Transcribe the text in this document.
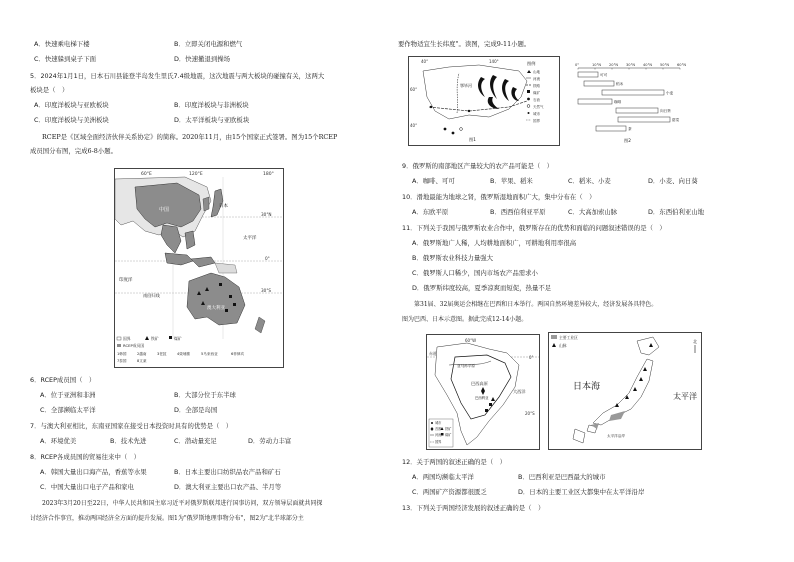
A．快速乘电梯下楼	B．立即关闭电源和燃气
C．快速躲到桌子下面	D．快速撤退到操场
5．2024年1月1日，日本石川县能登半岛发生里氏7.4级地震，这次地震与两大板块的碰撞有关，这两大
板块是（　）
A．印度洋板块与亚欧板块	B．印度洋板块与非洲板块
C．印度洋板块与美洲板块	D．太平洋板块与亚欧板块
RCEP是《区域全面经济伙伴关系协定》的简称。2020年11月，由15个国家正式签署。图为15个RCEP
成员国分布图，完成6-8小题。
60°E	120°E	180°
30°N
0°
30°S
中国
日本
太平洋
印度洋
南回归线
澳大利亚
国界	铁矿	煤矿
RCEP成员国
1韩国	2越南	3老挝	4柬埔寨	5马来西亚	6菲律宾
7泰国	8文莱
6．RCEP成员国（　）
A．位于亚洲和非洲	B．大部分位于东半球
C．全部濒临太平洋	D．全部是岛国
7．与澳大利亚相比，东南亚国家在接受日本投资时具有的优势是（　）
A．环境优美	B．技术先进	C．潜动量充足	D．劳动力丰富
8．RCEP各成员国的贸易往来中（　）
A．韩国大量出口海产品，香蕉等水果	B．日本主要出口纺织品农产品和矿石
C．中国大量出口电子产品和家电	D．澳大利亚主要出口农产品、半月等
2023年3月20日至22日，中华人民共和国主席习近平对俄罗斯联邦进行国事访问，双方领导层面就共同探
讨经济合作事宜，推动两国经济全方面的提升发展。图1为"俄罗斯地理事物分布"，图2为"北半球部分主
要作物适宜生长纬度"。读图，完成9-11小题。
40°	140°
60°
40°
鄂毕河
图例
山地
河流
铁路
煤矿
石油
天然气
城市
国界
图1
0°	10°N 20°N 30°N 40°N 50°N 60°N
可可
稻米
小麦
咖啡
向日葵
甜菜
茶
图2
9．俄罗斯的南部地区产量较大的农产品可能是（　）
A．咖啡、可可	B．苹果、稻米	C．稻米、小麦	D．小麦、向日葵
10．滑地最能为地球之肾，俄罗斯湿地面积广大，集中分布在（　）
A．东欧平原	B．西西伯利亚平原	C．大高加索山脉	D．东西伯利亚山地
11．下列关于我国与俄罗斯农业合作中，俄罗斯存在的优势和面临的问题叙述错误的是（　）
A．俄罗斯地广人稀，人均耕地面积广，可耕地利用率很高
B．俄罗斯农业科技力量强大
C．俄罗斯人口稀少，国内市场农产品需求小
D．俄罗斯纬度较高，夏季凉爽而短促，热量不足
第31届、32届奥运会相继在巴西和日本举行。两国自然环境差异较大，经济发展各具特色。
图为巴西、日本示意图。据此完成12-14小题。
60°W
0°
20°S
赤道
亚马孙平原
巴西高原
巴西利亚
大西洋
城市
首都
河流
铁矿
煤矿
国界
主要工业区
山脉
日本海
太平洋
太平洋沿岸
北
12．关于两国的叙述正确的是（　）
A．两国均濒临太平洋	B．巴西利亚是巴西最大的城市
C．两国矿产资源都很匮乏	D．日本的主要工业区大都集中在太平洋沿岸
13．下列关于两国经济发展的叙述正确的是（　）
